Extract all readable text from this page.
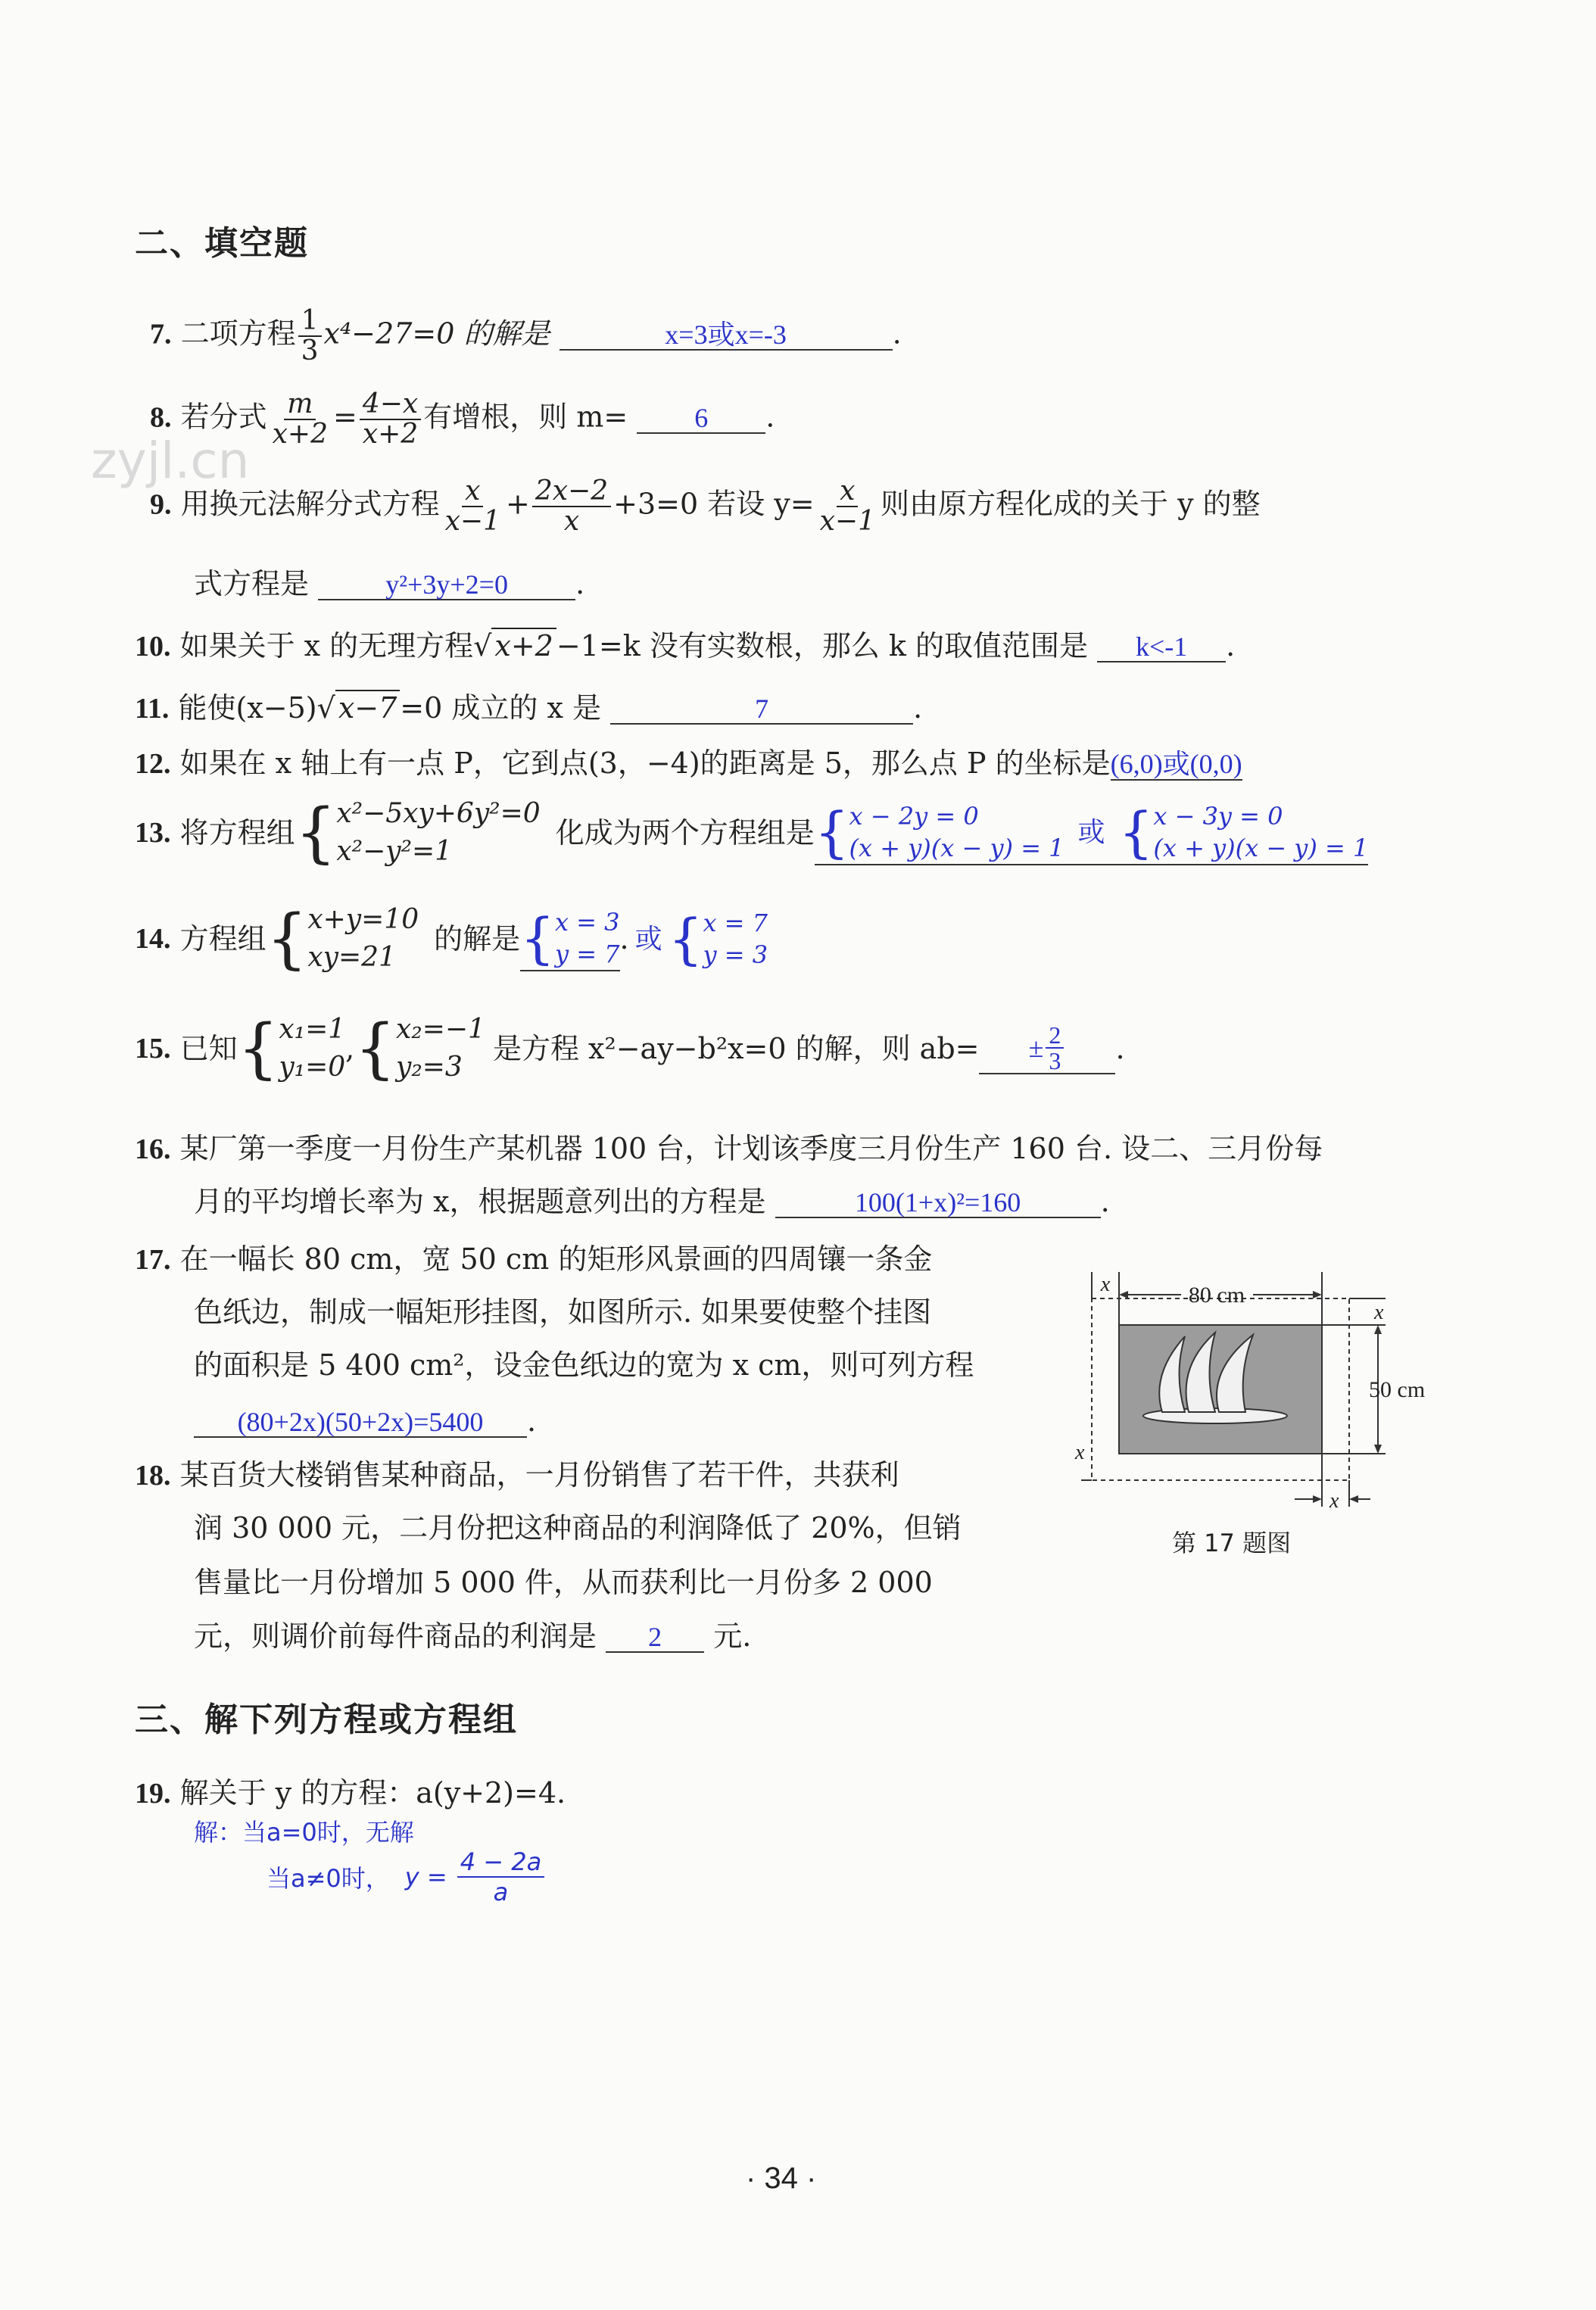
zyjl.cn
二、填空题
7. 二项方程 $\frac{1}{3} x^4-27=0$ 的解是	x=3或x=-3	.
8. 若分式 $\frac{m}{x+2} = \frac{4-x}{x+2}$ 有增根，则 m= 6 .
9. 用换元法解分式方程 $\frac{x}{x-1} + \frac{2x-2}{x} +3=0$ 若设 $y= \frac{x}{x-1}$ 则由原方程化成的关于 y 的整
式方程是	y²+3y+2=0 .
10. 如果关于 x 的无理方程√ x+2 −1=k 没有实数根，那么 k 的取值范围是 k<-1 .
11. 能使(x−5)√ x−7 =0 成立的 x 是	7	.
12. 如果在 x 轴上有一点 P，它到点(3，−4)的距离是 5，那么点 P 的坐标是(6,0)或(0,0)
13.
将方程组 { x²−5xy+6y²=0
x²−y²=1
化成为两个方程组是 { x − 2y = 0
(x + y)(x − y) = 1
或 { x − 3y = 0
(x + y)(x − y) = 1
14.
方程组 { x+y=10
xy=21
的解是 { x = 3
y = 7 . 或 { x = 7
y = 3
15.
已知 { x₁=1
y₁=0
, { x₂=−1
y₂=3
是方程 x²−ay−b²x=0 的解，则 $ab= \pm \frac{2}{3}$ .
16. 某厂第一季度一月份生产某机器 100 台，计划该季度三月份生产 160 台. 设二、三月份每
月的平均增长率为 x，根据题意列出的方程是	100(1+x)²=160	.
17. 在一幅长 80 cm，宽 50 cm 的矩形风景画的四周镶一条金
色纸边，制成一幅矩形挂图，如图所示. 如果要使整个挂图
的面积是 5 400 cm²，设金色纸边的宽为 x cm，则可列方程
(80+2x)(50+2x)=5400 .
80 cm
x
x
50 cm
x
x
第 17 题图
18. 某百货大楼销售某种商品，一月份销售了若干件，共获利
润 30 000 元，二月份把这种商品的利润降低了 20%，但销
售量比一月份增加 5 000 件，从而获利比一月份多 2 000
元，则调价前每件商品的利润是 2 元.
三、解下列方程或方程组
19. 解关于 y 的方程：a(y+2)=4.
解：当a=0时，无解
当a≠0时， $y = \frac{4 - 2a}{a}$
· 34 ·
